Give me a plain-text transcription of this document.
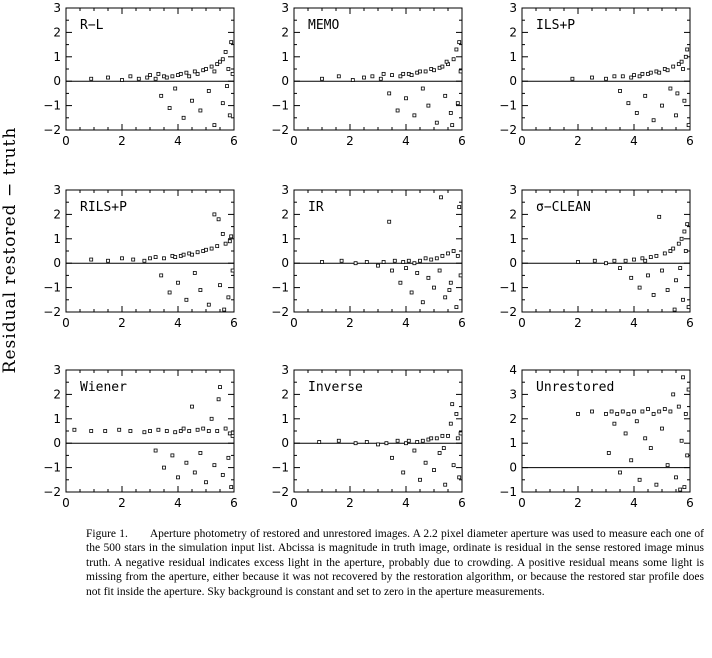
Residual restored − truth	0	2	4	6
−2
−1
0
1
2
3
R−L
0	2	4	6
−2
−1
0
1
2
3
MEMO
0	2	4	6
−2
−1
0
1
2
3
ILS+P
0	2	4	6
−2
−1
0
1
2
3
RILS+P
0	2	4	6
−2
−1
0
1
2
3
IR
0	2	4	6
−2
−1
0
1
2
3
σ−CLEAN
0	2	4	6
−2
−1
0
1
2
3
Wiener
0	2	4	6
−2
−1
0
1
2
3
Inverse
0	2	4	6
−1
0
1
2
3
4
Unrestored

Figure 1. Aperture photometry of restored and unrestored images. A 2.2 pixel diameter aperture was used to measure each one of the 500 stars in the simulation input list. Abcissa is magnitude in truth image, ordinate is residual in the sense restored image minus truth. A negative residual indicates excess light in the aperture, probably due to crowding. A positive residual means some light is missing from the aperture, either because it was not recovered by the restoration algorithm, or because the restored star profile does not fit inside the aperture. Sky background is constant and set to zero in the aperture measurements.
